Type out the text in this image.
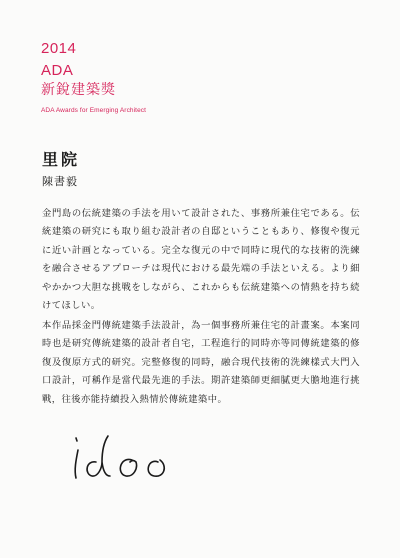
2014
ADA
新銳建築獎
ADA Awards for Emerging Architect
里院
陳書毅

金門島の伝統建築の手法を用いて設計された、事務所兼住宅である。伝統建築の研究にも取り組む設計者の自邸ということもあり、修復や復元に近い計画となっている。完全な復元の中で同時に現代的な技術的洗練を融合させるアプローチは現代における最先端の手法といえる。より細やかかつ大胆な挑戦をしながら、これからも伝統建築への情熱を持ち続けてほしい。

本作品採金門傳統建築手法設計，為一個事務所兼住宅的計畫案。本案同時也是研究傳統建築的設計者自宅，工程進行的同時亦等同傳統建築的修復及復原方式的研究。完整修復的同時，融合現代技術的洗練樣式大門入口設計，可稱作是當代最先進的手法。期許建築師更細膩更大膽地進行挑戰，往後亦能持續投入熱情於傳統建築中。
